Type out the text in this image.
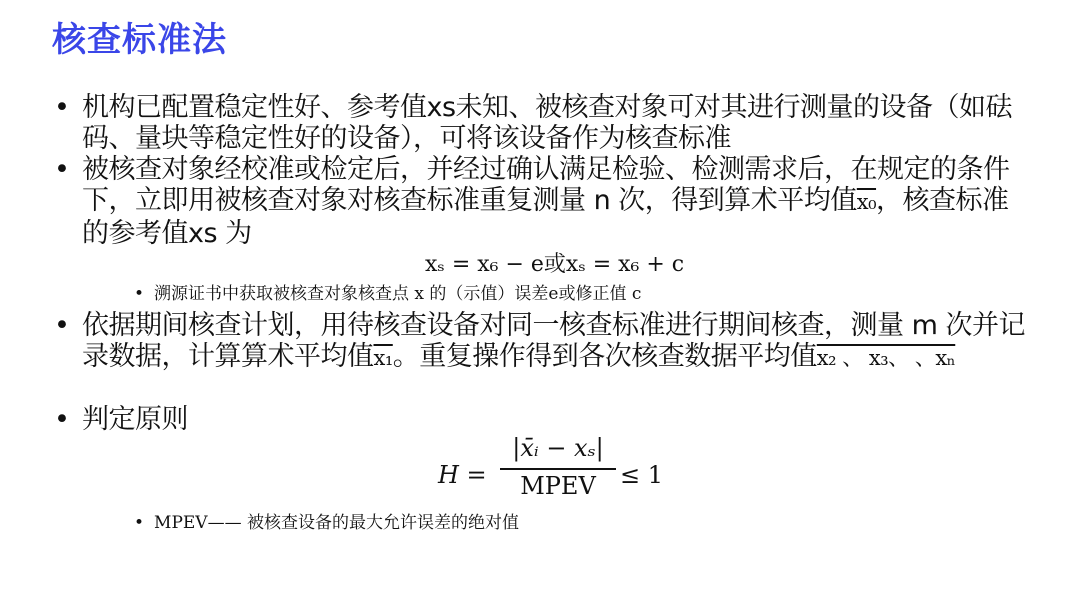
核查标准法
• 机构已配置稳定性好、参考值xs未知、被核查对象可对其进行测量的设备（如砝码、量块等稳定性好的设备），可将该设备作为核查标准
• 被核查对象经校准或检定后，并经过确认满足检验、检测需求后，在规定的条件下，立即用被核查对象对核查标准重复测量 n 次，得到算术平均值x₀，核查标准的参考值xs 为
xₛ = x₆ − e或xₛ = x₆ + c
• 溯源证书中获取被核查对象核查点 x 的（示值）误差e或修正值 c
• 依据期间核查计划，用待核查设备对同一核查标准进行期间核查，测量 m 次并记录数据，计算算术平均值x₁。重复操作得到各次核查数据平均值x₂ 、 x₃、 、xₙ
• 判定原则
H =
|x̄ᵢ − xₛ|
MPEV	≤ 1
• MPEV—— 被核查设备的最大允许误差的绝对值
